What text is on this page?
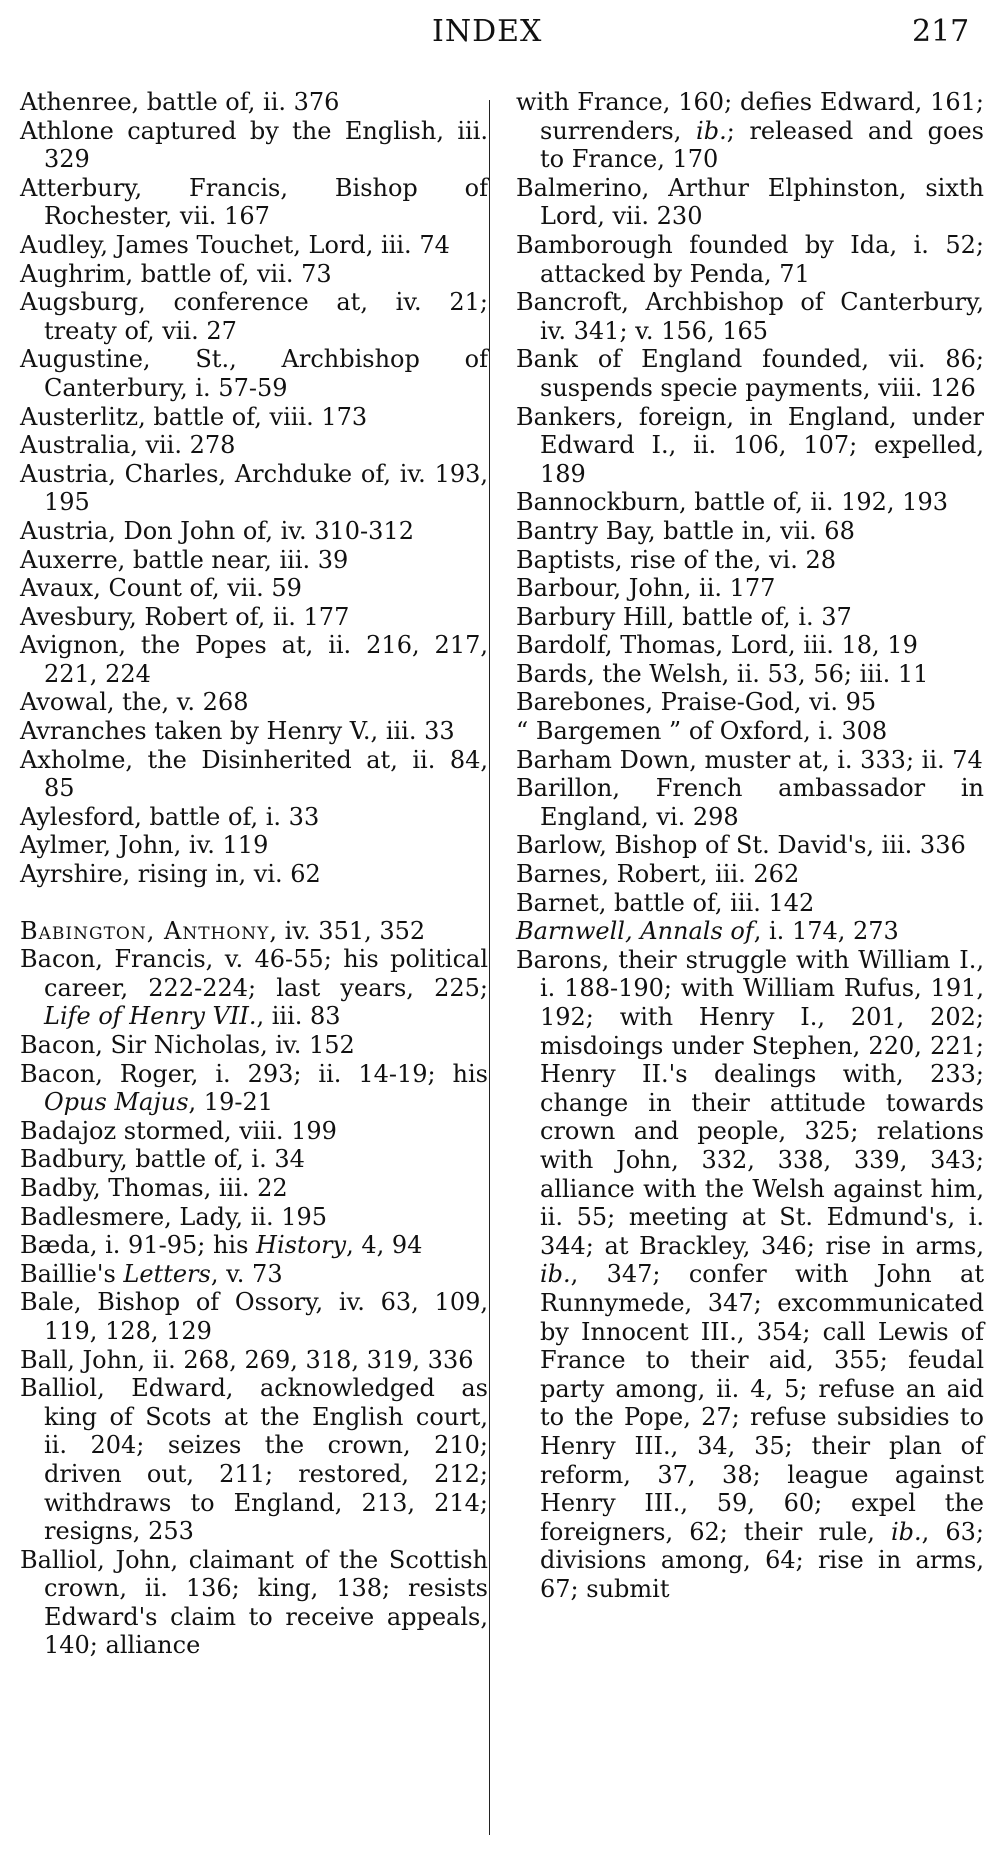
INDEX	217
Athenree, battle of, ii. 376
Athlone captured by the English, iii. 329
Atterbury, Francis, Bishop of Rochester, vii. 167
Audley, James Touchet, Lord, iii. 74
Aughrim, battle of, vii. 73
Augsburg, conference at, iv. 21; treaty of, vii. 27
Augustine, St., Archbishop of Canterbury, i. 57-59
Austerlitz, battle of, viii. 173
Australia, vii. 278
Austria, Charles, Archduke of, iv. 193, 195
Austria, Don John of, iv. 310-312
Auxerre, battle near, iii. 39
Avaux, Count of, vii. 59
Avesbury, Robert of, ii. 177
Avignon, the Popes at, ii. 216, 217, 221, 224
Avowal, the, v. 268
Avranches taken by Henry V., iii. 33
Axholme, the Disinherited at, ii. 84, 85
Aylesford, battle of, i. 33
Aylmer, John, iv. 119
Ayrshire, rising in, vi. 62
Babington, Anthony, iv. 351, 352
Bacon, Francis, v. 46-55; his political career, 222-224; last years, 225; Life of Henry VII., iii. 83
Bacon, Sir Nicholas, iv. 152
Bacon, Roger, i. 293; ii. 14-19; his Opus Majus, 19-21
Badajoz stormed, viii. 199
Badbury, battle of, i. 34
Badby, Thomas, iii. 22
Badlesmere, Lady, ii. 195
Bæda, i. 91-95; his History, 4, 94
Baillie's Letters, v. 73
Bale, Bishop of Ossory, iv. 63, 109, 119, 128, 129
Ball, John, ii. 268, 269, 318, 319, 336
Balliol, Edward, acknowledged as king of Scots at the English court, ii. 204; seizes the crown, 210; driven out, 211; restored, 212; withdraws to England, 213, 214; resigns, 253
Balliol, John, claimant of the Scottish crown, ii. 136; king, 138; resists Edward's claim to receive appeals, 140; alliance
with France, 160; defies Edward, 161; surrenders, ib.; released and goes to France, 170
Balmerino, Arthur Elphinston, sixth Lord, vii. 230
Bamborough founded by Ida, i. 52; attacked by Penda, 71
Bancroft, Archbishop of Canterbury, iv. 341; v. 156, 165
Bank of England founded, vii. 86; suspends specie payments, viii. 126
Bankers, foreign, in England, under Edward I., ii. 106, 107; expelled, 189
Bannockburn, battle of, ii. 192, 193
Bantry Bay, battle in, vii. 68
Baptists, rise of the, vi. 28
Barbour, John, ii. 177
Barbury Hill, battle of, i. 37
Bardolf, Thomas, Lord, iii. 18, 19
Bards, the Welsh, ii. 53, 56; iii. 11
Barebones, Praise-God, vi. 95
“ Bargemen ” of Oxford, i. 308
Barham Down, muster at, i. 333; ii. 74
Barillon, French ambassador in England, vi. 298
Barlow, Bishop of St. David's, iii. 336
Barnes, Robert, iii. 262
Barnet, battle of, iii. 142
Barnwell, Annals of, i. 174, 273
Barons, their struggle with William I., i. 188-190; with William Rufus, 191, 192; with Henry I., 201, 202; misdoings under Stephen, 220, 221; Henry II.'s dealings with, 233; change in their attitude towards crown and people, 325; relations with John, 332, 338, 339, 343; alliance with the Welsh against him, ii. 55; meeting at St. Edmund's, i. 344; at Brackley, 346; rise in arms, ib., 347; confer with John at Runnymede, 347; excommunicated by Innocent III., 354; call Lewis of France to their aid, 355; feudal party among, ii. 4, 5; refuse an aid to the Pope, 27; refuse subsidies to Henry III., 34, 35; their plan of reform, 37, 38; league against Henry III., 59, 60; expel the foreigners, 62; their rule, ib., 63; divisions among, 64; rise in arms, 67; submit
